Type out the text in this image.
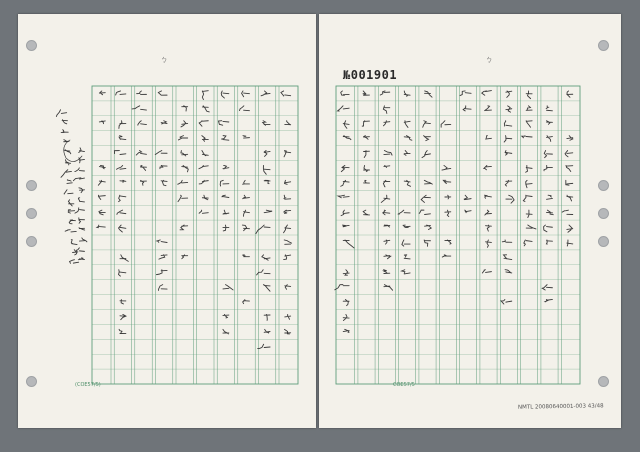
ㄅ	ㄅ
№001901
(COE57/5)	COE57/5
NMTL 20080640001-003 43/48
